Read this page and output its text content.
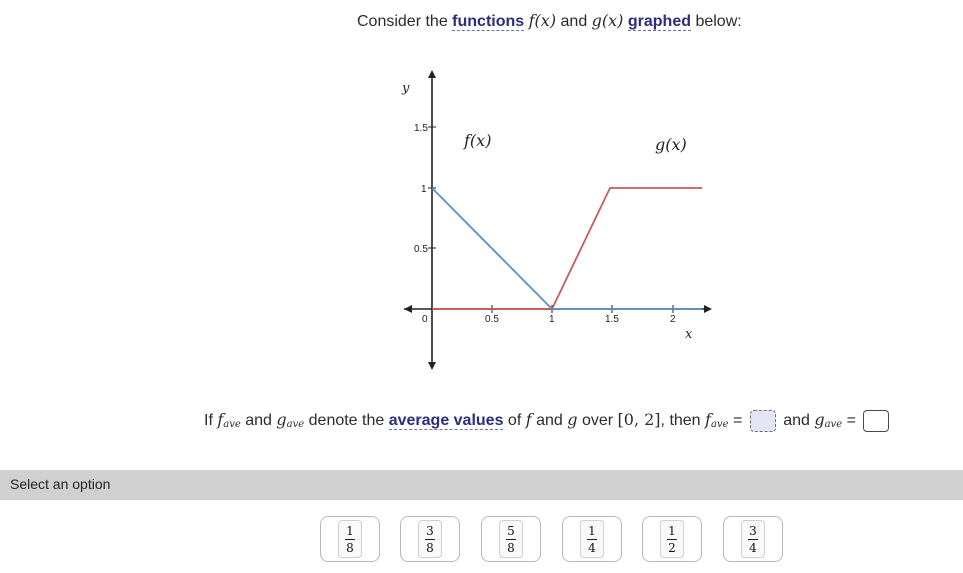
Consider the functions f(x) and g(x) graphed below:
y
x
1.5
1
0.5
0	0.5	1	1.5	2
f(x)	g(x)
If $f_{ave}$ and $g_{ave}$ denote the average values of f and g over [0, 2], then $f_{ave}$ =	and $g_{ave}$ =
Select an option
1
8
3
8
5
8
1
4
1
2
3
4
